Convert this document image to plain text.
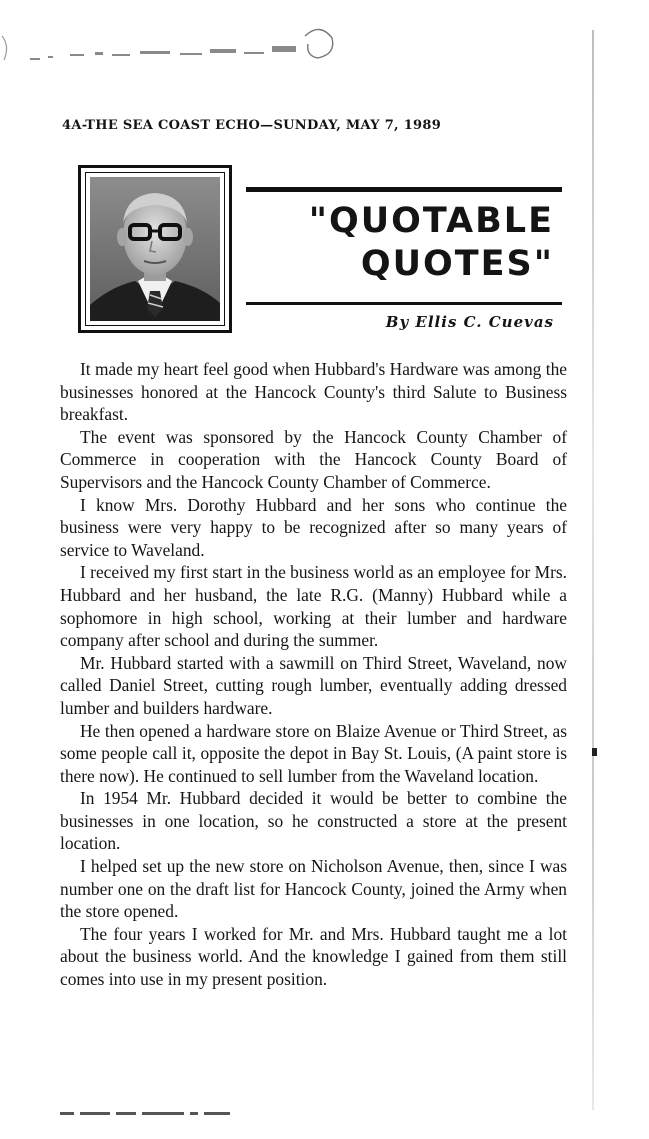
4A-THE SEA COAST ECHO—SUNDAY, MAY 7, 1989
"QUOTABLE
QUOTES"
By Ellis C. Cuevas

It made my heart feel good when Hubbard's Hardware was among the businesses honored at the Hancock County's third Salute to Business breakfast.

The event was sponsored by the Hancock County Chamber of Commerce in cooperation with the Hancock County Board of Supervisors and the Hancock County Chamber of Commerce.

I know Mrs. Dorothy Hubbard and her sons who continue the business were very happy to be recognized after so many years of service to Waveland.

I received my first start in the business world as an employee for Mrs. Hubbard and her husband, the late R.G. (Manny) Hubbard while a sophomore in high school, working at their lumber and hardware company after school and during the summer.

Mr. Hubbard started with a sawmill on Third Street, Waveland, now called Daniel Street, cutting rough lumber, eventually adding dressed lumber and builders hardware.

He then opened a hardware store on Blaize Avenue or Third Street, as some people call it, opposite the depot in Bay St. Louis, (A paint store is there now). He continued to sell lumber from the Waveland location.

In 1954 Mr. Hubbard decided it would be better to combine the businesses in one location, so he constructed a store at the present location.

I helped set up the new store on Nicholson Avenue, then, since I was number one on the draft list for Hancock County, joined the Army when the store opened.

The four years I worked for Mr. and Mrs. Hubbard taught me a lot about the business world. And the knowledge I gained from them still comes into use in my present position.
